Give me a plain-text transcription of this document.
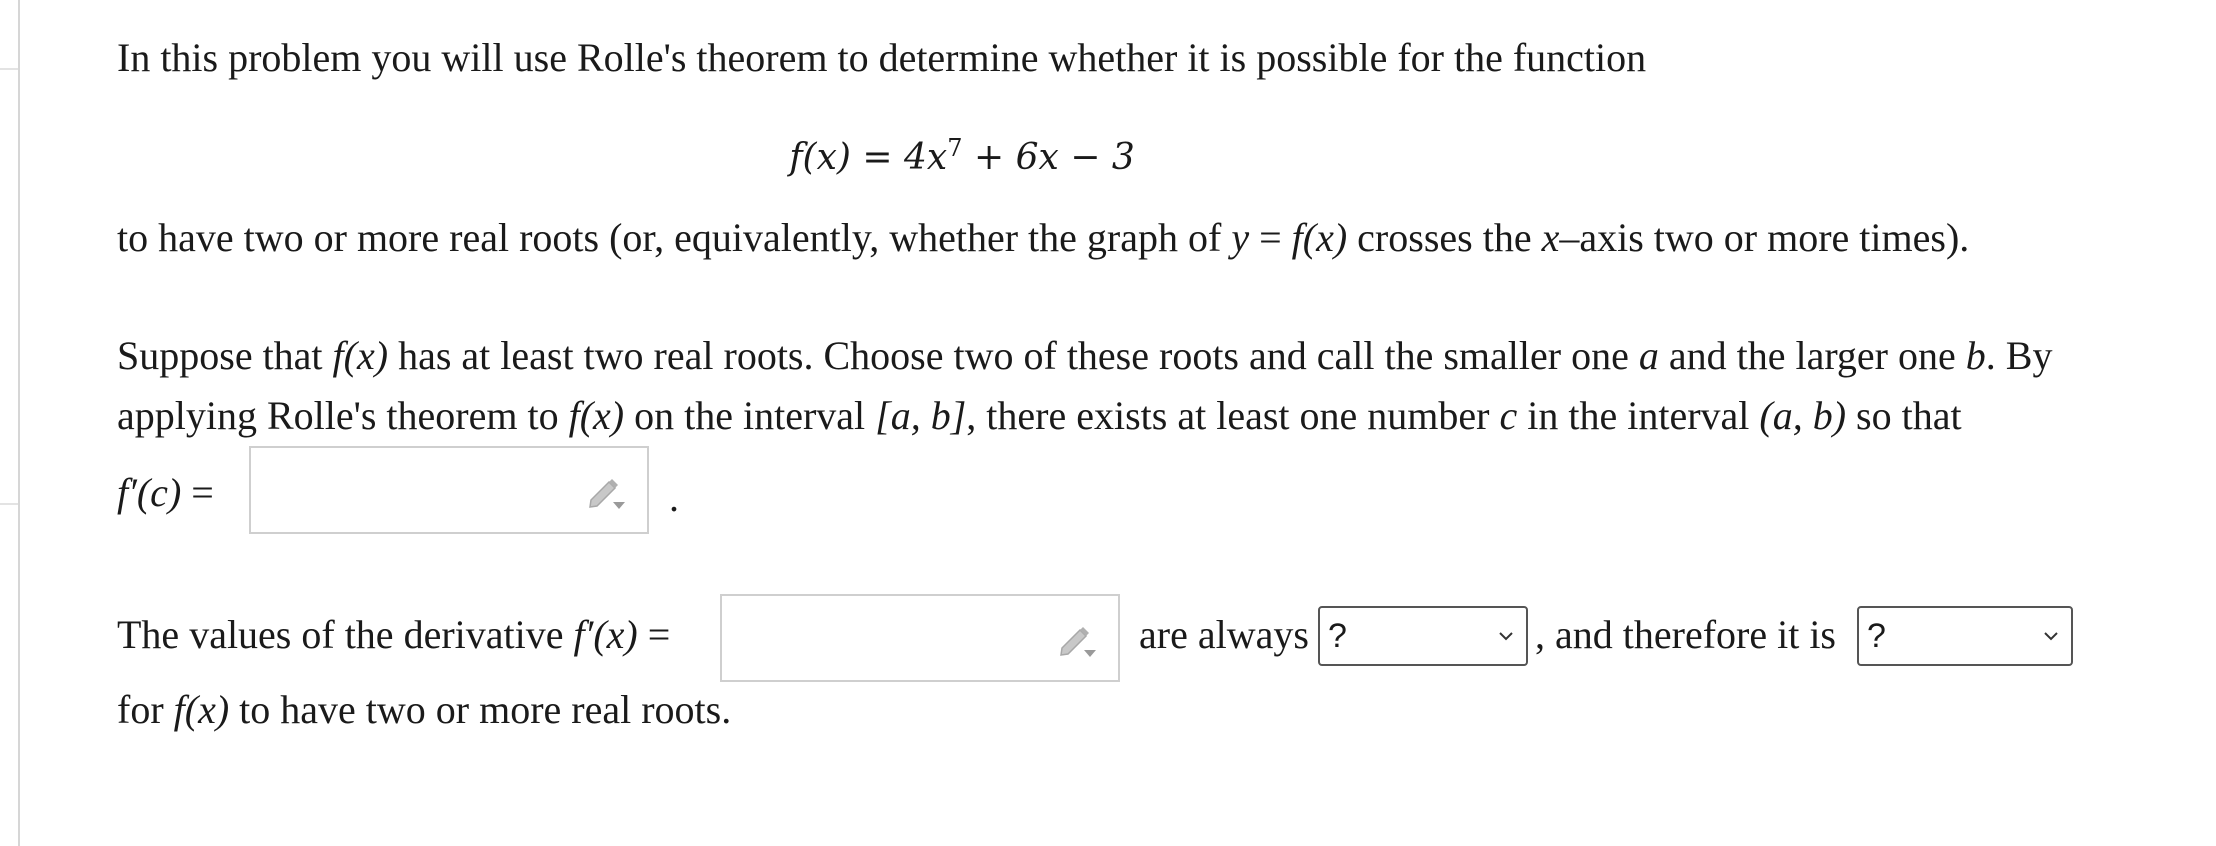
In this problem you will use Rolle's theorem to determine whether it is possible for the function
$f(x) = 4x^7 + 6x - 3$
to have two or more real roots (or, equivalently, whether the graph of y = f(x) crosses the x–axis two or more times).
Suppose that f(x) has at least two real roots. Choose two of these roots and call the smaller one a and the larger one b. By
applying Rolle's theorem to f(x) on the interval [a, b], there exists at least one number c in the interval (a, b) so that
f′(c) =	.
The values of the derivative f′(x) =	are always ?	, and therefore it is ?
for f(x) to have two or more real roots.
